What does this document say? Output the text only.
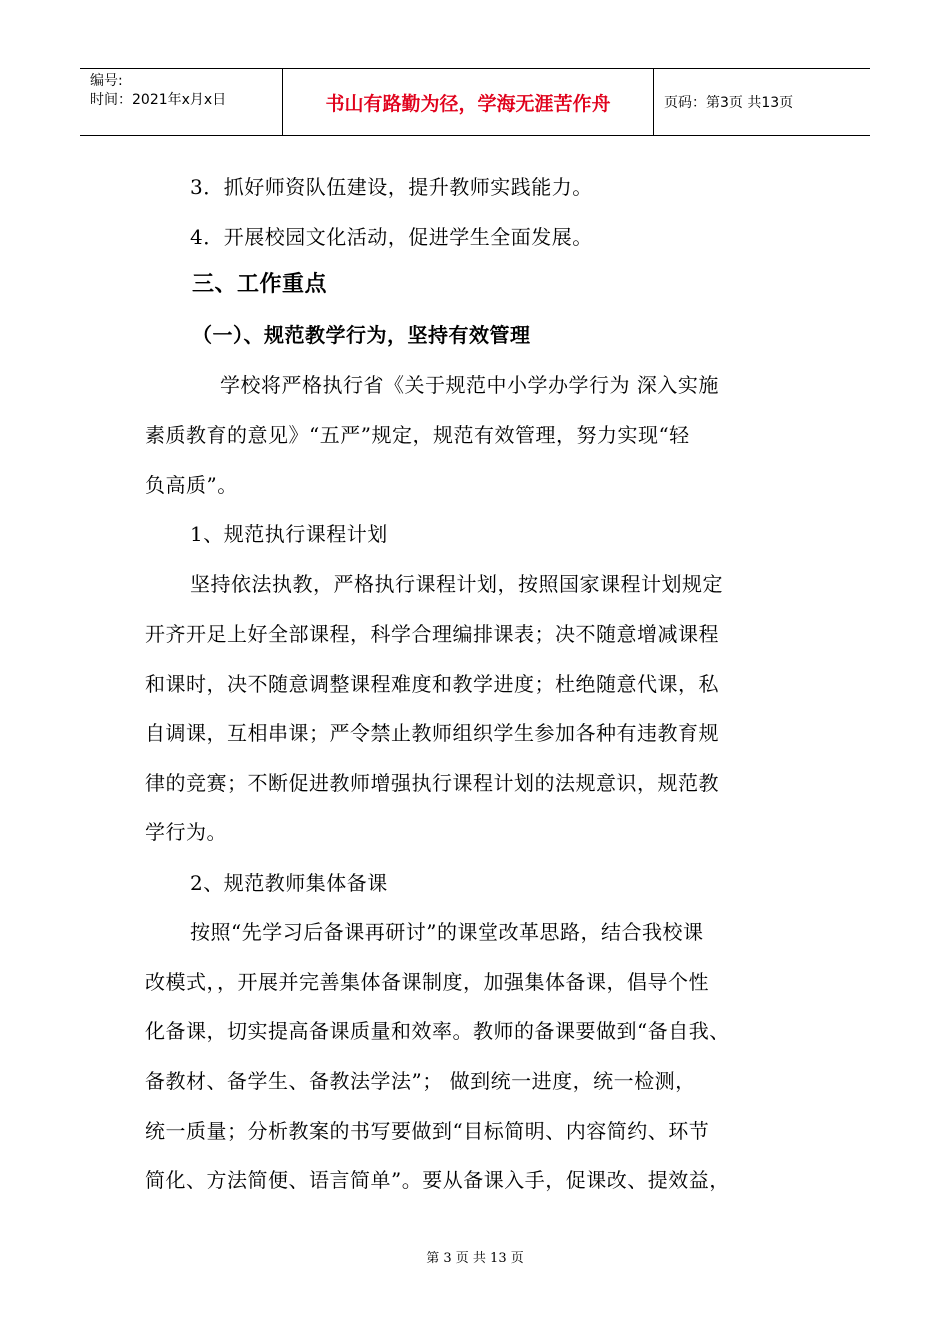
编号:
时间：2021年x月x日	书山有路勤为径，学海无涯苦作舟	页码：第3页 共13页
3．抓好师资队伍建设，提升教师实践能力。
4．开展校园文化活动，促进学生全面发展。
三、工作重点
（一）、规范教学行为，坚持有效管理
学校将严格执行省《关于规范中小学办学行为 深入实施
素质教育的意见》“五严”规定，规范有效管理，努力实现“轻
负高质”。
1、规范执行课程计划
坚持依法执教，严格执行课程计划，按照国家课程计划规定
开齐开足上好全部课程，科学合理编排课表；决不随意增减课程
和课时，决不随意调整课程难度和教学进度；杜绝随意代课，私
自调课，互相串课；严令禁止教师组织学生参加各种有违教育规
律的竞赛；不断促进教师增强执行课程计划的法规意识，规范教
学行为。
2、规范教师集体备课
按照“先学习后备课再研讨”的课堂改革思路，结合我校课
改模式，，开展并完善集体备课制度，加强集体备课，倡导个性
化备课，切实提高备课质量和效率。教师的备课要做到“备自我、
备教材、备学生、备教法学法”； 做到统一进度，统一检测，
统一质量；分析教案的书写要做到“目标简明、内容简约、环节
简化、方法简便、语言简单”。要从备课入手，促课改、提效益，
第 3 页 共 13 页
